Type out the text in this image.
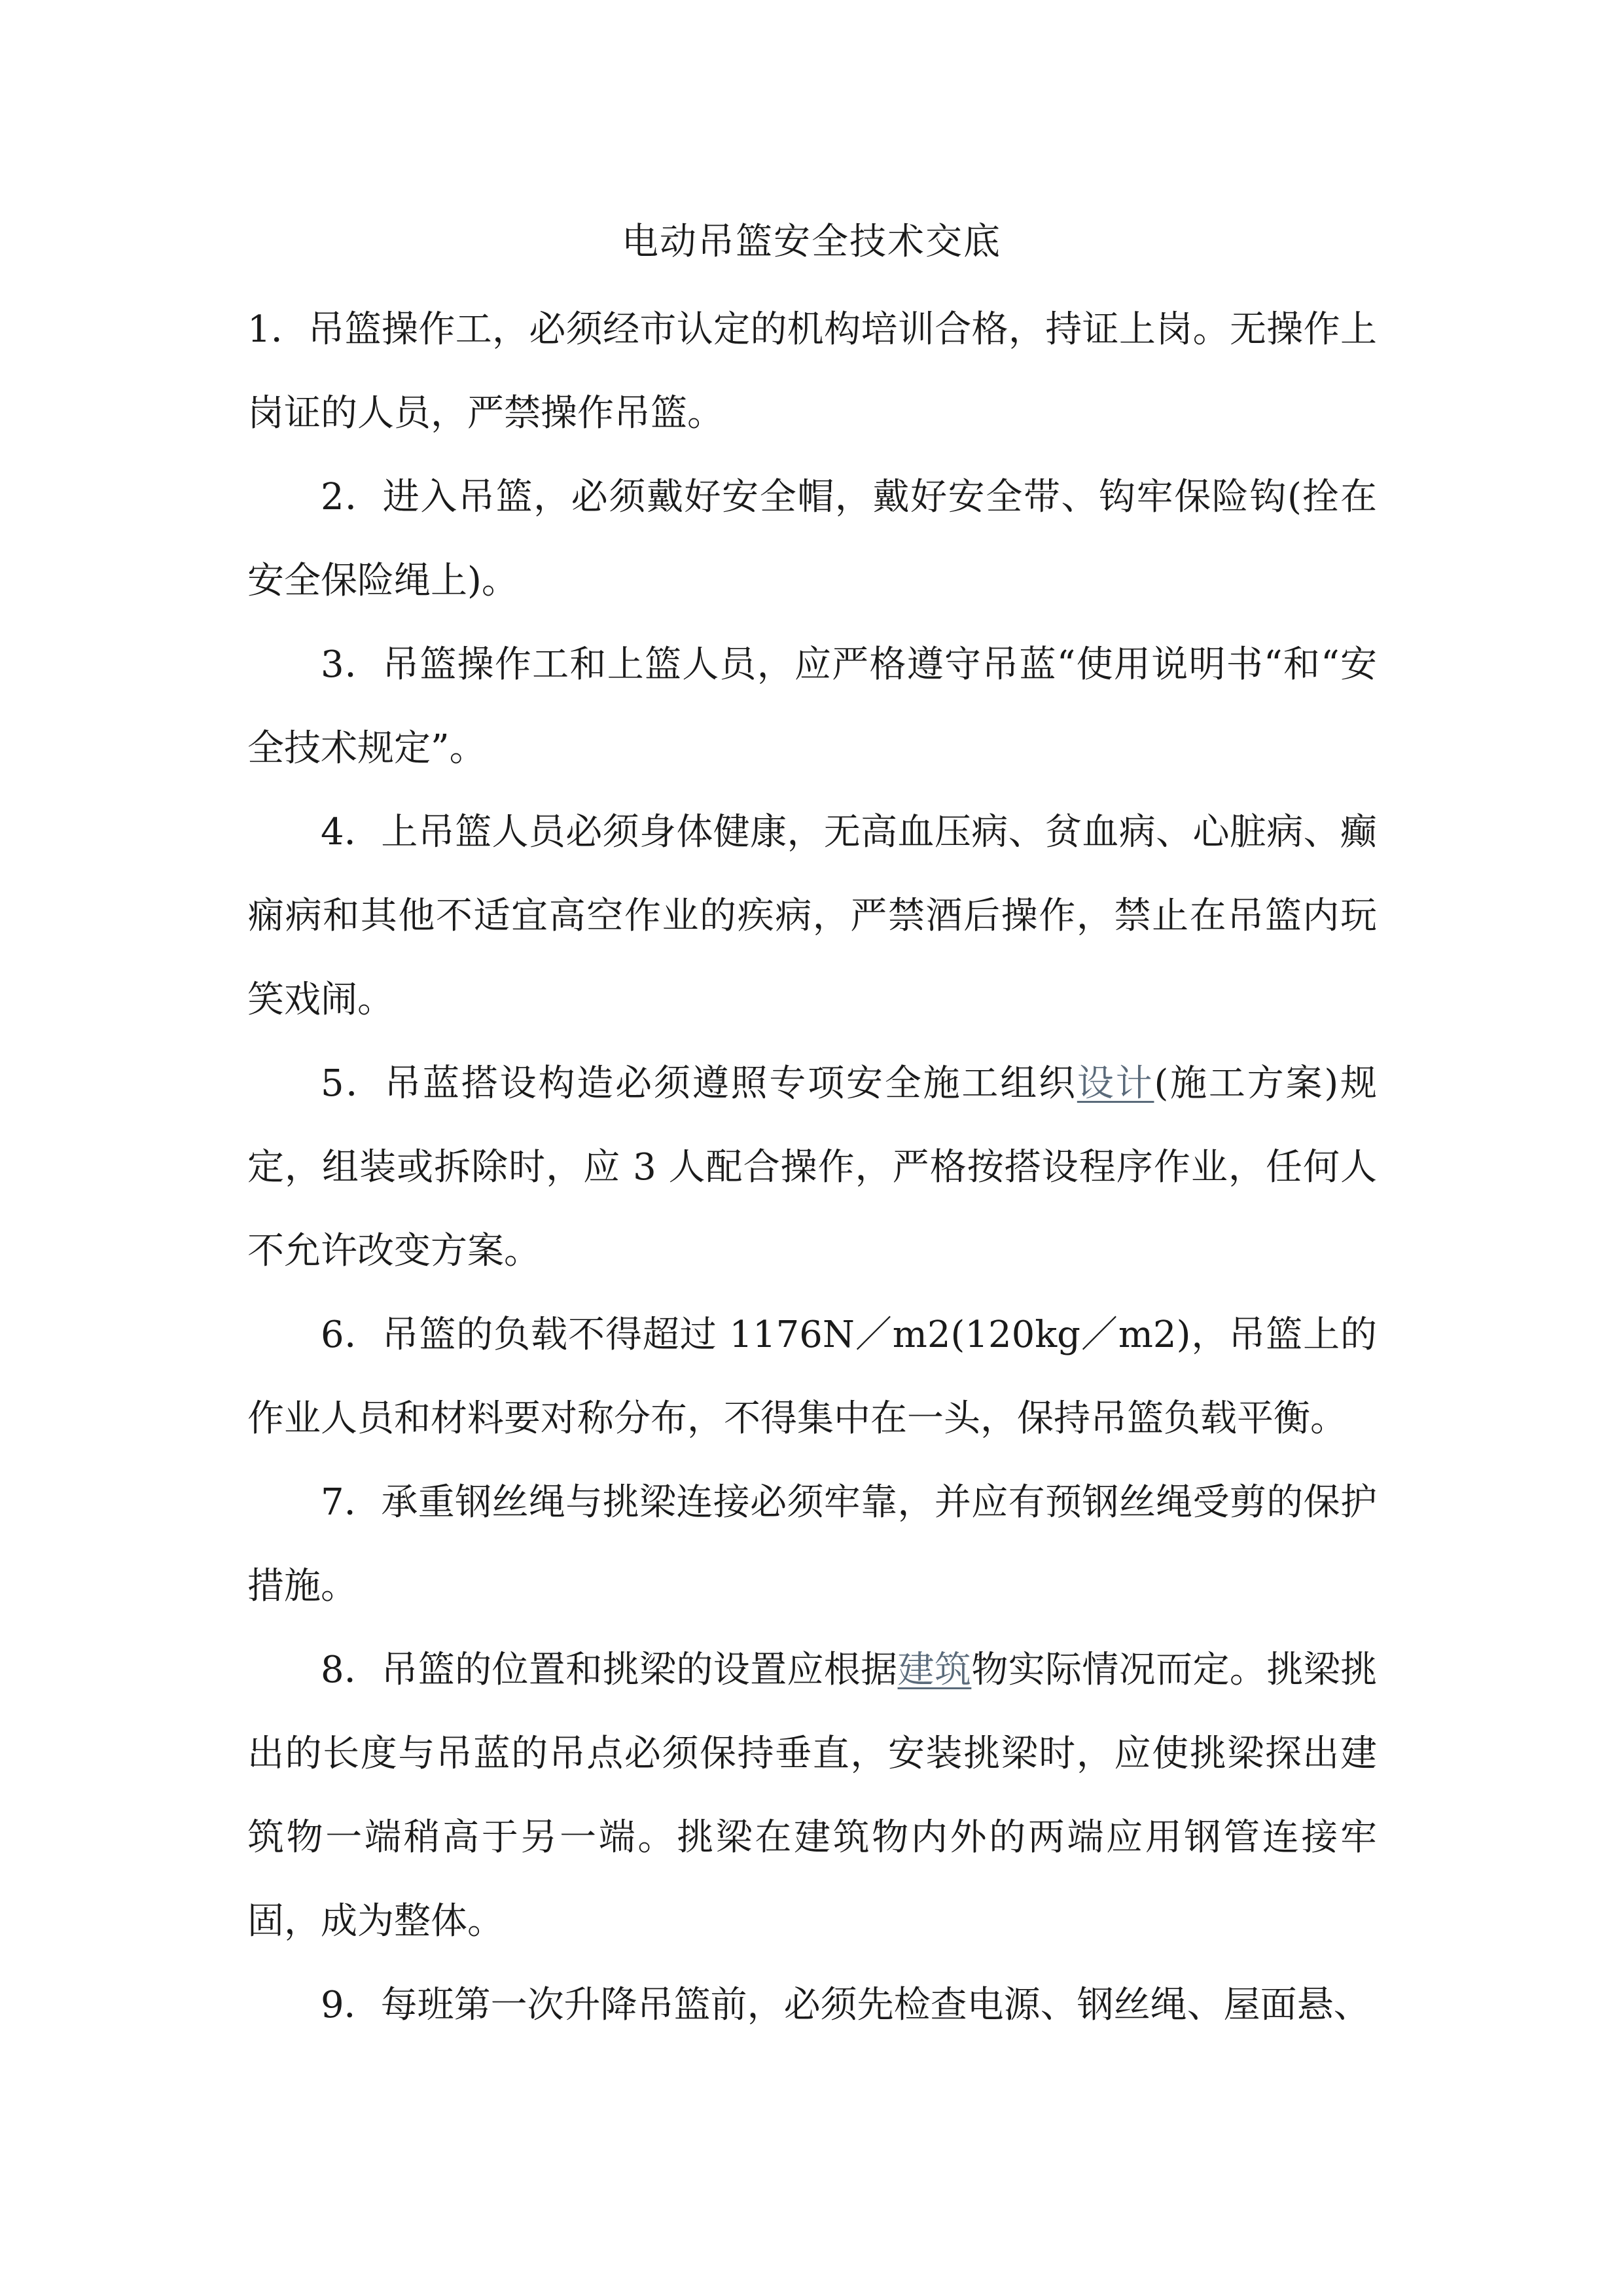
电动吊篮安全技术交底

1．吊篮操作工，必须经市认定的机构培训合格，持证上岗。无操作上岗证的人员，严禁操作吊篮。

2．进入吊篮，必须戴好安全帽，戴好安全带、钩牢保险钩(拴在安全保险绳上)。

3．吊篮操作工和上篮人员，应严格遵守吊蓝“使用说明书“和“安全技术规定”。

4．上吊篮人员必须身体健康，无高血压病、贫血病、心脏病、癫痫病和其他不适宜高空作业的疾病，严禁酒后操作，禁止在吊篮内玩笑戏闹。

5．吊蓝搭设构造必须遵照专项安全施工组织设计(施工方案)规定，组装或拆除时，应 3 人配合操作，严格按搭设程序作业，任何人不允许改变方案。

6．吊篮的负载不得超过 1176N／m2(120kg／m2)，吊篮上的作业人员和材料要对称分布，不得集中在一头，保持吊篮负载平衡。

7．承重钢丝绳与挑梁连接必须牢靠，并应有预钢丝绳受剪的保护措施。

8．吊篮的位置和挑梁的设置应根据建筑物实际情况而定。挑梁挑出的长度与吊蓝的吊点必须保持垂直，安装挑梁时，应使挑梁探出建筑物一端稍高于另一端。挑梁在建筑物内外的两端应用钢管连接牢固，成为整体。

9．每班第一次升降吊篮前，必须先检查电源、钢丝绳、屋面悬、
